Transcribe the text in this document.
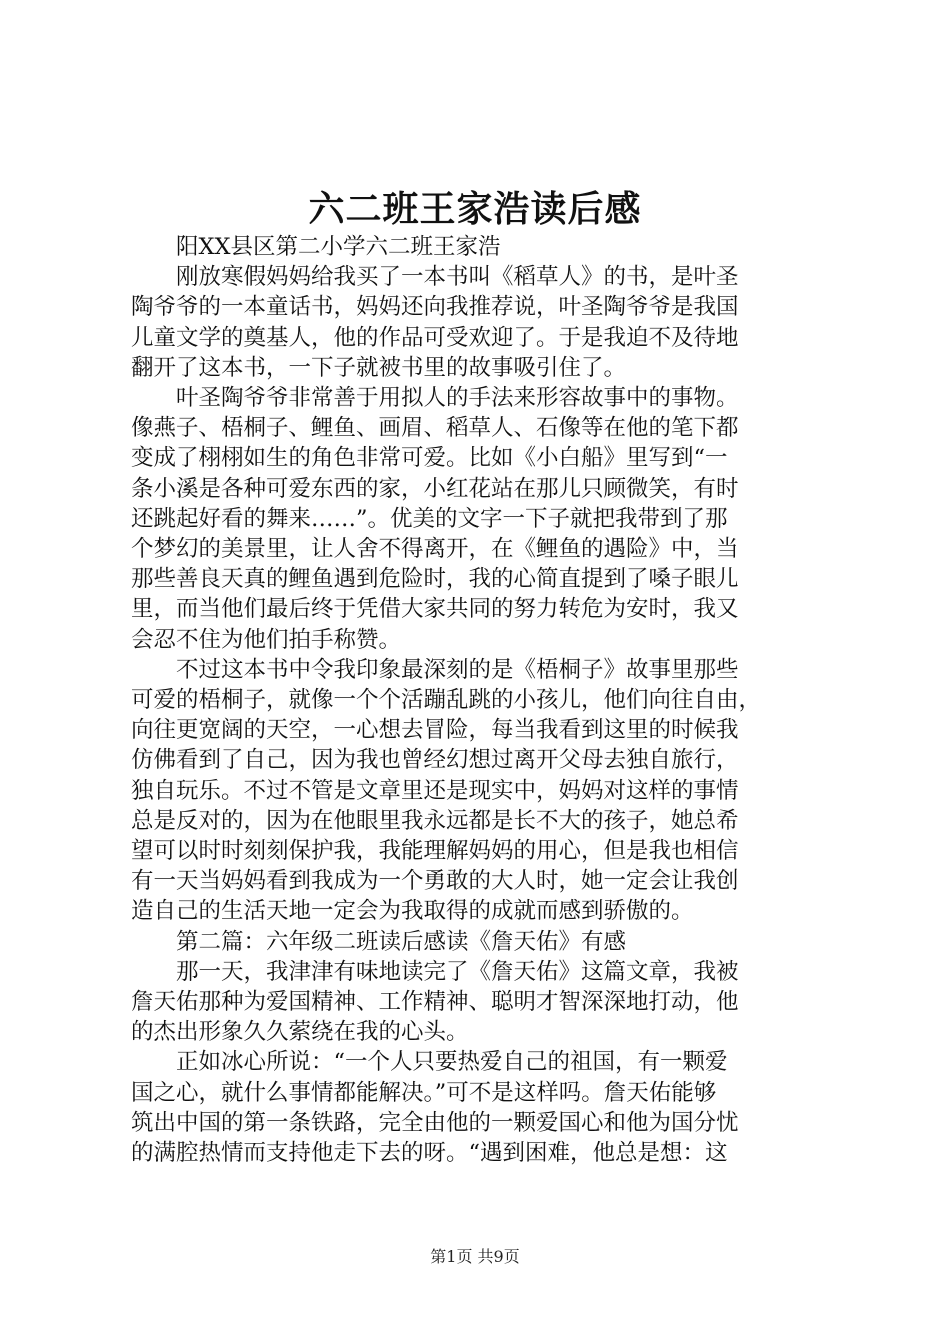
六二班王家浩读后感
阳XX县区第二小学六二班王家浩
刚放寒假妈妈给我买了一本书叫《稻草人》的书，是叶圣
陶爷爷的一本童话书，妈妈还向我推荐说，叶圣陶爷爷是我国
儿童文学的奠基人，他的作品可受欢迎了。于是我迫不及待地
翻开了这本书，一下子就被书里的故事吸引住了。
叶圣陶爷爷非常善于用拟人的手法来形容故事中的事物。
像燕子、梧桐子、鲤鱼、画眉、稻草人、石像等在他的笔下都
变成了栩栩如生的角色非常可爱。比如《小白船》里写到“一
条小溪是各种可爱东西的家，小红花站在那儿只顾微笑，有时
还跳起好看的舞来……”。优美的文字一下子就把我带到了那
个梦幻的美景里，让人舍不得离开，在《鲤鱼的遇险》中，当
那些善良天真的鲤鱼遇到危险时，我的心简直提到了嗓子眼儿
里，而当他们最后终于凭借大家共同的努力转危为安时，我又
会忍不住为他们拍手称赞。
不过这本书中令我印象最深刻的是《梧桐子》故事里那些
可爱的梧桐子，就像一个个活蹦乱跳的小孩儿，他们向往自由，
向往更宽阔的天空，一心想去冒险，每当我看到这里的时候我
仿佛看到了自己，因为我也曾经幻想过离开父母去独自旅行，
独自玩乐。不过不管是文章里还是现实中，妈妈对这样的事情
总是反对的，因为在他眼里我永远都是长不大的孩子，她总希
望可以时时刻刻保护我，我能理解妈妈的用心，但是我也相信
有一天当妈妈看到我成为一个勇敢的大人时，她一定会让我创
造自己的生活天地一定会为我取得的成就而感到骄傲的。
第二篇：六年级二班读后感读《詹天佑》有感
那一天，我津津有味地读完了《詹天佑》这篇文章，我被
詹天佑那种为爱国精神、工作精神、聪明才智深深地打动，他
的杰出形象久久萦绕在我的心头。
正如冰心所说：“一个人只要热爱自己的祖国，有一颗爱
国之心，就什么事情都能解决。”可不是这样吗。詹天佑能够
筑出中国的第一条铁路，完全由他的一颗爱国心和他为国分忧
的满腔热情而支持他走下去的呀。“遇到困难，他总是想：这
第1页 共9页
